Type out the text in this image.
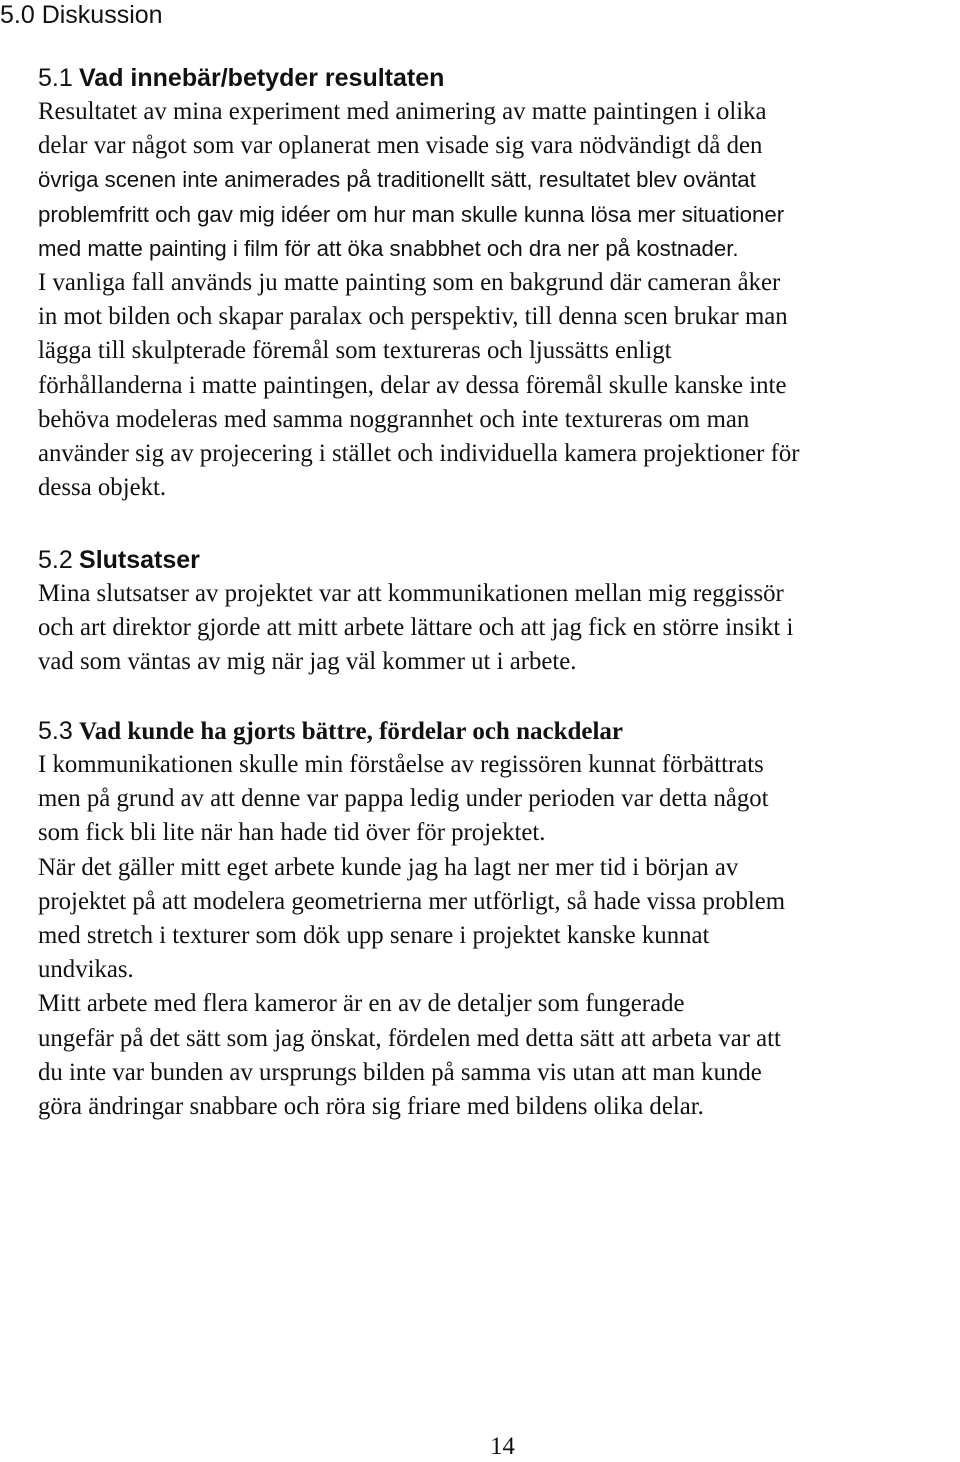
5.0 Diskussion
5.1 Vad innebär/betyder resultaten

Resultatet av mina experiment med animering av matte paintingen i olika
delar var något som var oplanerat men visade sig vara nödvändigt då den
övriga scenen inte animerades på traditionellt sätt, resultatet blev oväntat
problemfritt och gav mig idéer om hur man skulle kunna lösa mer situationer
med matte painting i film för att öka snabbhet och dra ner på kostnader.

I vanliga fall används ju matte painting som en bakgrund där cameran åker
in mot bilden och skapar paralax och perspektiv, till denna scen brukar man
lägga till skulpterade föremål som textureras och ljussätts enligt
förhållanderna i matte paintingen, delar av dessa föremål skulle kanske inte
behöva modeleras med samma noggrannhet och inte textureras om man
använder sig av projecering i stället och individuella kamera projektioner för
dessa objekt.

5.2 Slutsatser

Mina slutsatser av projektet var att kommunikationen mellan mig reggissör
och art direktor gjorde att mitt arbete lättare och att jag fick en större insikt i
vad som väntas av mig när jag väl kommer ut i arbete.

5.3 Vad kunde ha gjorts bättre, fördelar och nackdelar

I kommunikationen skulle min förståelse av regissören kunnat förbättrats
men på grund av att denne var pappa ledig under perioden var detta något
som fick bli lite när han hade tid över för projektet.

När det gäller mitt eget arbete kunde jag ha lagt ner mer tid i början av
projektet på att modelera geometrierna mer utförligt, så hade vissa problem
med stretch i texturer som dök upp senare i projektet kanske kunnat
undvikas.

Mitt arbete med flera kameror är en av de detaljer som fungerade
ungefär på det sätt som jag önskat, fördelen med detta sätt att arbeta var att
du inte var bunden av ursprungs bilden på samma vis utan att man kunde
göra ändringar snabbare och röra sig friare med bildens olika delar.

14
